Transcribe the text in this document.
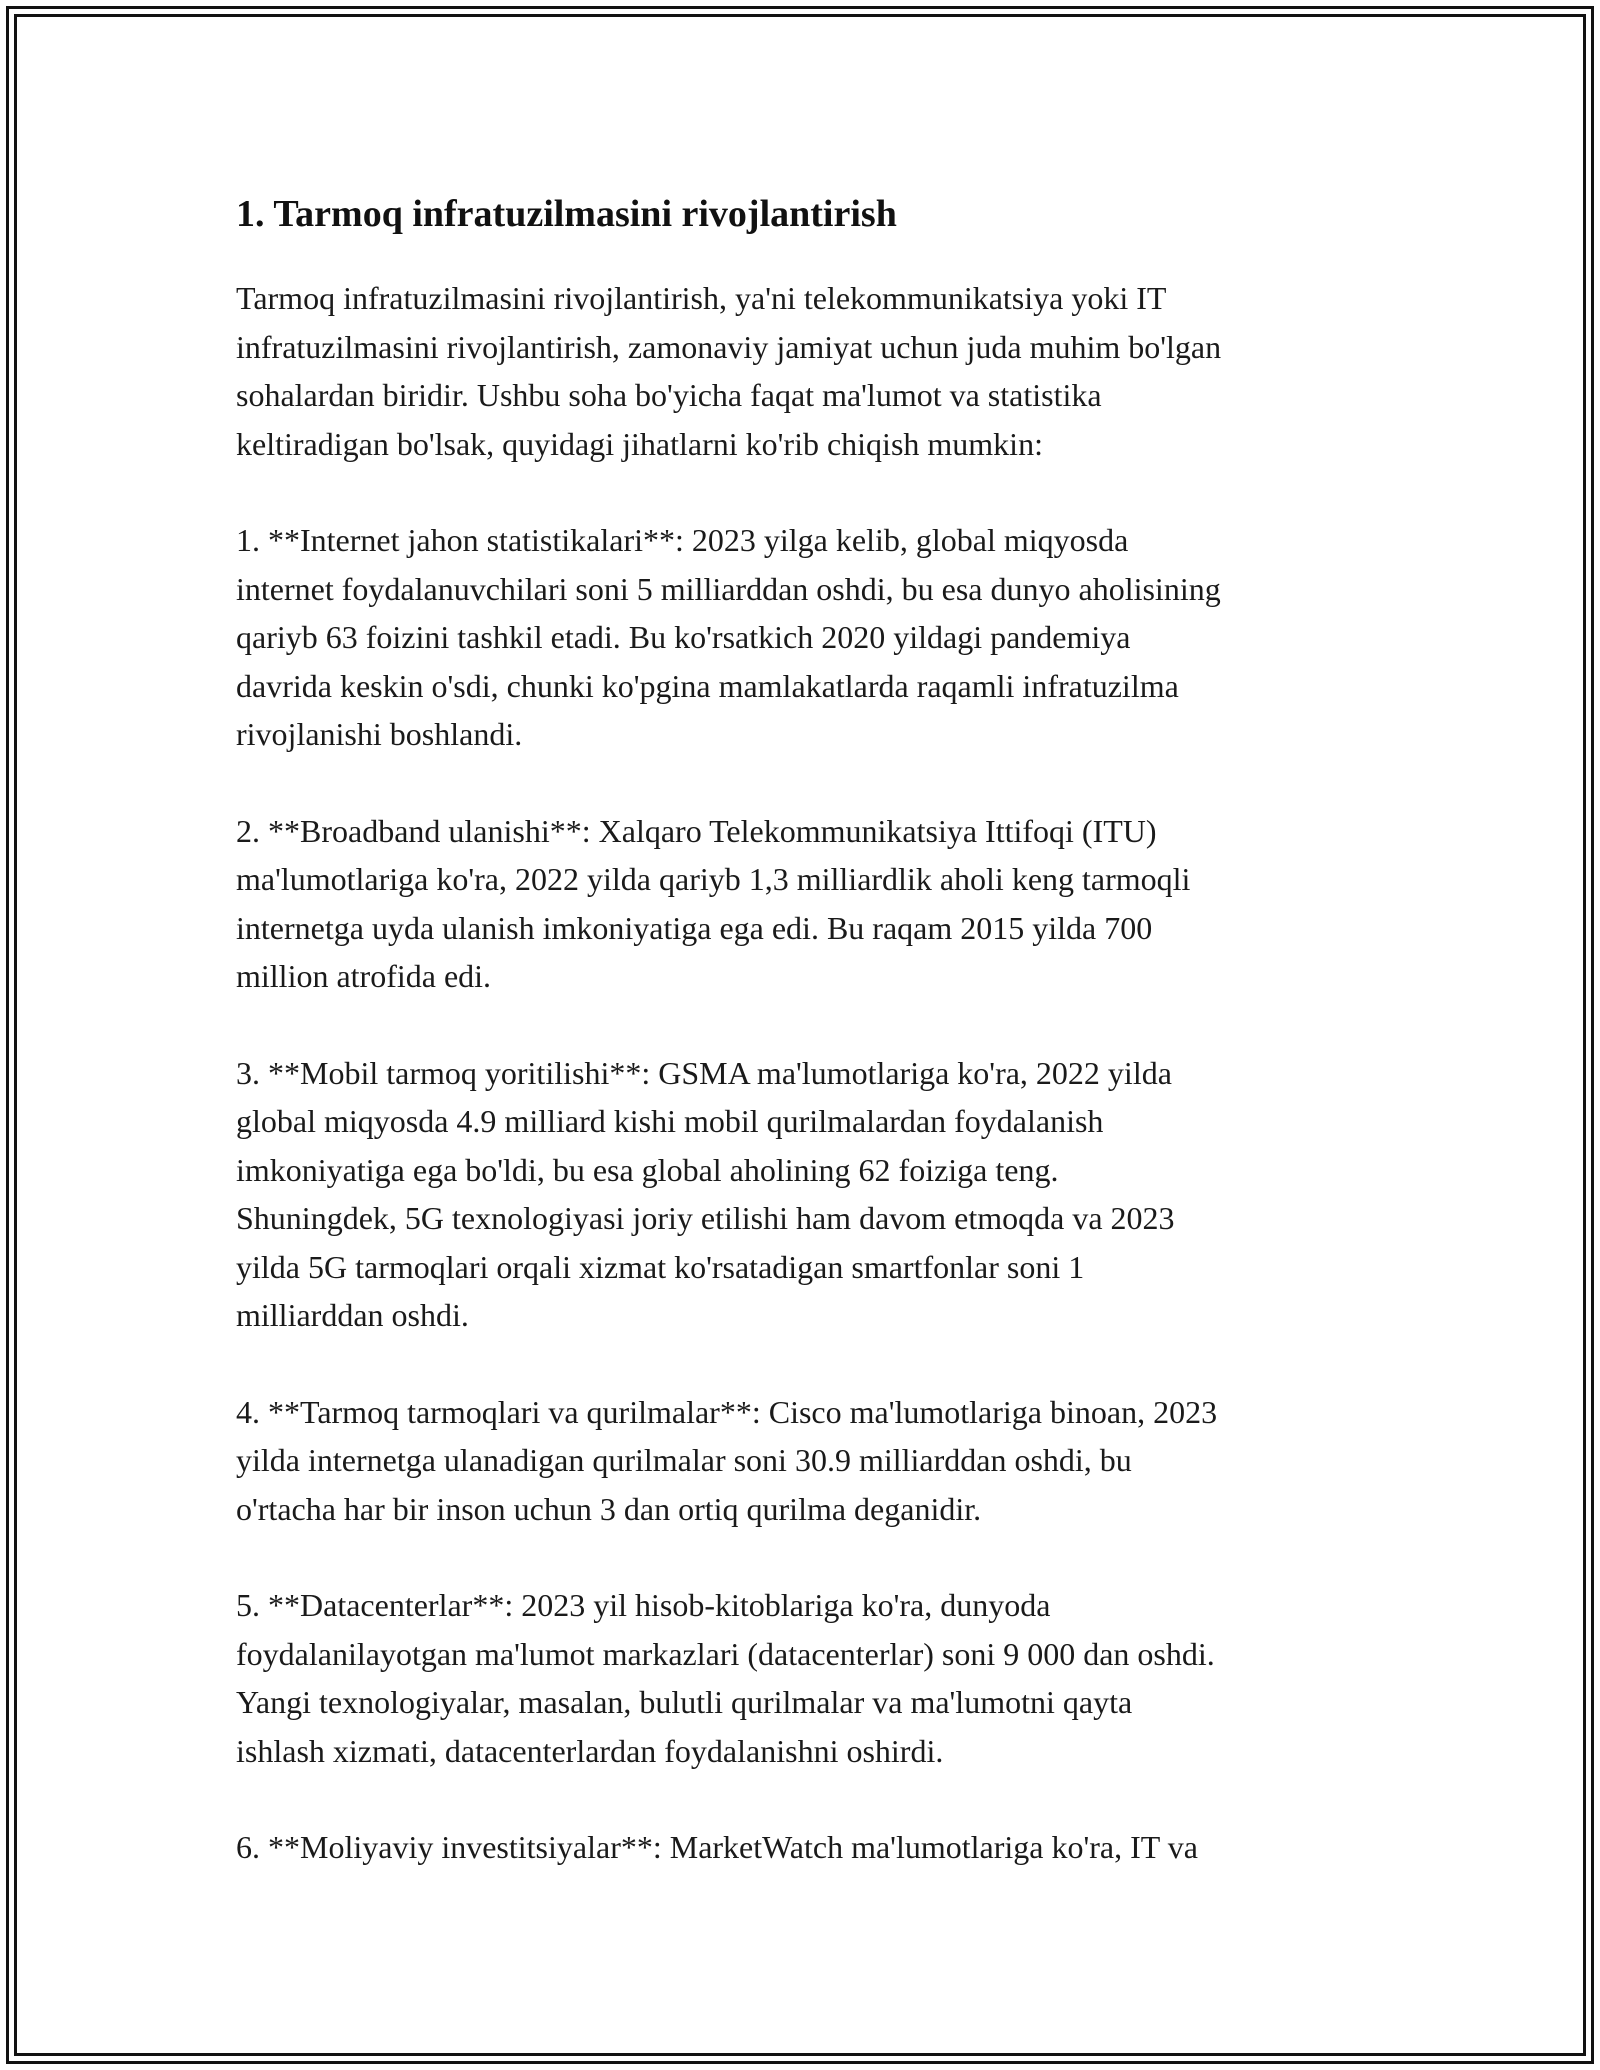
1. Tarmoq infratuzilmasini rivojlantirish

Tarmoq infratuzilmasini rivojlantirish, ya'ni telekommunikatsiya yoki IT
infratuzilmasini rivojlantirish, zamonaviy jamiyat uchun juda muhim bo'lgan
sohalardan biridir. Ushbu soha bo'yicha faqat ma'lumot va statistika
keltiradigan bo'lsak, quyidagi jihatlarni ko'rib chiqish mumkin:

1. **Internet jahon statistikalari**: 2023 yilga kelib, global miqyosda
internet foydalanuvchilari soni 5 milliarddan oshdi, bu esa dunyo aholisining
qariyb 63 foizini tashkil etadi. Bu ko'rsatkich 2020 yildagi pandemiya
davrida keskin o'sdi, chunki ko'pgina mamlakatlarda raqamli infratuzilma
rivojlanishi boshlandi.

2. **Broadband ulanishi**: Xalqaro Telekommunikatsiya Ittifoqi (ITU)
ma'lumotlariga ko'ra, 2022 yilda qariyb 1,3 milliardlik aholi keng tarmoqli
internetga uyda ulanish imkoniyatiga ega edi. Bu raqam 2015 yilda 700
million atrofida edi.

3. **Mobil tarmoq yoritilishi**: GSMA ma'lumotlariga ko'ra, 2022 yilda
global miqyosda 4.9 milliard kishi mobil qurilmalardan foydalanish
imkoniyatiga ega bo'ldi, bu esa global aholining 62 foiziga teng.
Shuningdek, 5G texnologiyasi joriy etilishi ham davom etmoqda va 2023
yilda 5G tarmoqlari orqali xizmat ko'rsatadigan smartfonlar soni 1
milliarddan oshdi.

4. **Tarmoq tarmoqlari va qurilmalar**: Cisco ma'lumotlariga binoan, 2023
yilda internetga ulanadigan qurilmalar soni 30.9 milliarddan oshdi, bu
o'rtacha har bir inson uchun 3 dan ortiq qurilma deganidir.

5. **Datacenterlar**: 2023 yil hisob-kitoblariga ko'ra, dunyoda
foydalanilayotgan ma'lumot markazlari (datacenterlar) soni 9 000 dan oshdi.
Yangi texnologiyalar, masalan, bulutli qurilmalar va ma'lumotni qayta
ishlash xizmati, datacenterlardan foydalanishni oshirdi.

6. **Moliyaviy investitsiyalar**: MarketWatch ma'lumotlariga ko'ra, IT va
